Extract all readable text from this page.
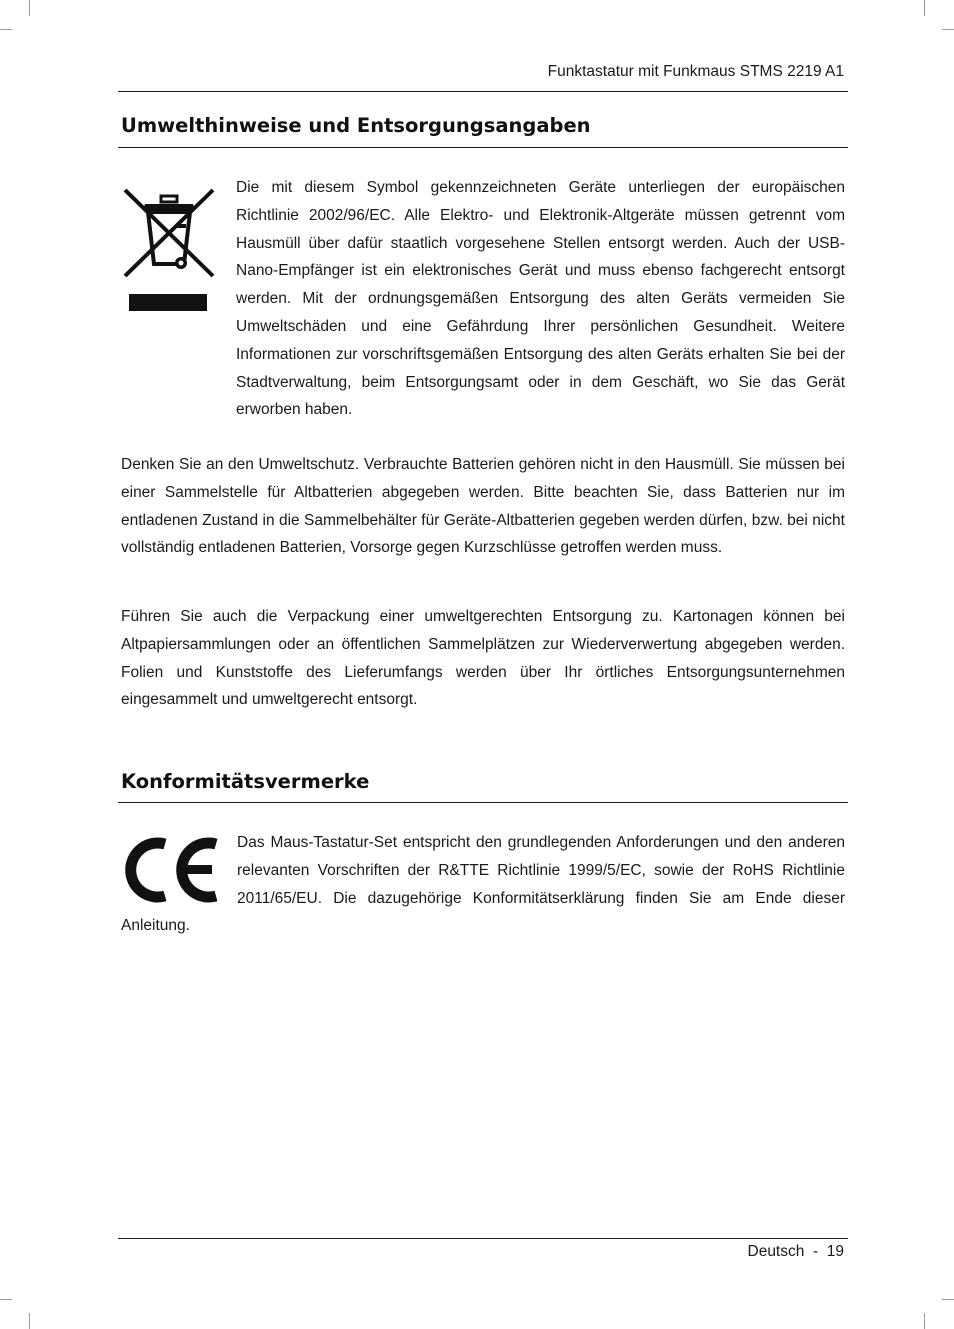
Funktastatur mit Funkmaus STMS 2219 A1
Umwelthinweise und Entsorgungsangaben

Die mit diesem Symbol gekennzeichneten Geräte unterliegen der europäischen Richtlinie 2002/96/EC. Alle Elektro- und Elektronik-Altgeräte müssen getrennt vom Hausmüll über dafür staatlich vorgesehene Stellen entsorgt werden. Auch der USB-Nano-Empfänger ist ein elektronisches Gerät und muss ebenso fachgerecht entsorgt werden. Mit der ordnungsgemäßen Entsorgung des alten Geräts vermeiden Sie Umweltschäden und eine Gefährdung Ihrer persönlichen Gesundheit. Weitere Informationen zur vorschriftsgemäßen Entsorgung des alten Geräts erhalten Sie bei der Stadtverwaltung, beim Entsorgungsamt oder in dem Geschäft, wo Sie das Gerät erworben haben.

Denken Sie an den Umweltschutz. Verbrauchte Batterien gehören nicht in den Hausmüll. Sie müssen bei einer Sammelstelle für Altbatterien abgegeben werden. Bitte beachten Sie, dass Batterien nur im entladenen Zustand in die Sammelbehälter für Geräte-Altbatterien gegeben werden dürfen, bzw. bei nicht vollständig entladenen Batterien, Vorsorge gegen Kurzschlüsse getroffen werden muss.

Führen Sie auch die Verpackung einer umweltgerechten Entsorgung zu. Kartonagen können bei Altpapiersammlungen oder an öffentlichen Sammelplätzen zur Wiederverwertung abgegeben werden. Folien und Kunststoffe des Lieferumfangs werden über Ihr örtliches Entsorgungsunternehmen eingesammelt und umweltgerecht entsorgt.

Konformitätsvermerke

Das Maus-Tastatur-Set entspricht den grundlegenden Anforderungen und den anderen relevanten Vorschriften der R&TTE Richtlinie 1999/5/EC, sowie der RoHS Richtlinie 2011/65/EU. Die dazugehörige Konformitätserklärung finden Sie am Ende dieser Anleitung.

Deutsch  -  19
